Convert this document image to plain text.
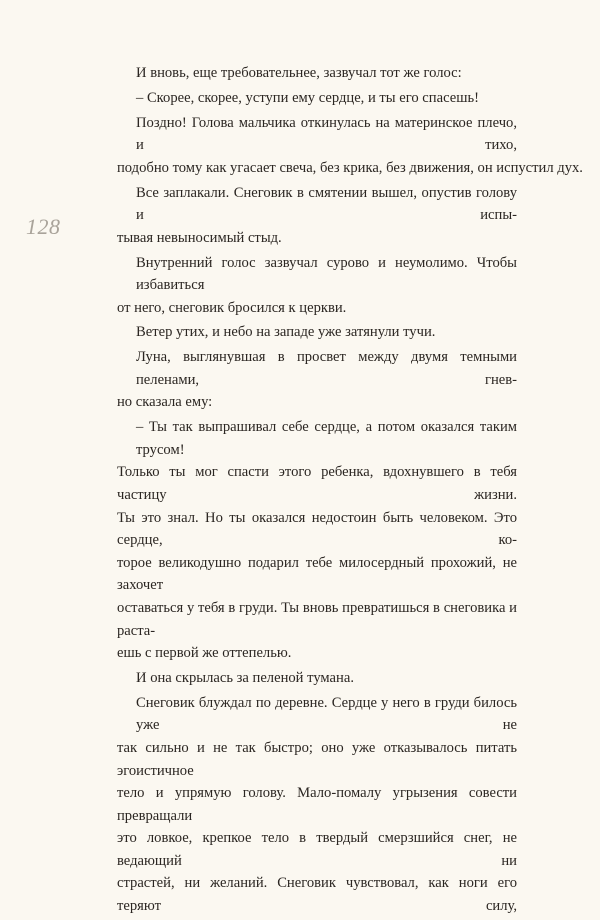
128

И вновь, еще требовательнее, зазвучал тот же голос:

– Скорее, скорее, уступи ему сердце, и ты его спасешь!

Поздно! Голова мальчика откинулась на материнское плечо, и тихо,
подобно тому как угасает свеча, без крика, без движения, он испустил дух.

Все заплакали. Снеговик в смятении вышел, опустив голову и испы-
тывая невыносимый стыд.

Внутренний голос зазвучал сурово и неумолимо. Чтобы избавиться
от него, снеговик бросился к церкви.

Ветер утих, и небо на западе уже затянули тучи.

Луна, выглянувшая в просвет между двумя темными пеленами, гнев-
но сказала ему:

– Ты так выпрашивал себе сердце, а потом оказался таким трусом!
Только ты мог спасти этого ребенка, вдохнувшего в тебя частицу жизни.
Ты это знал. Но ты оказался недостоин быть человеком. Это сердце, ко-
торое великодушно подарил тебе милосердный прохожий, не захочет
оставаться у тебя в груди. Ты вновь превратишься в снеговика и раста-
ешь с первой же оттепелью.

И она скрылась за пеленой тумана.

Снеговик блуждал по деревне. Сердце у него в груди билось уже не
так сильно и не так быстро; оно уже отказывалось питать эгоистичное
тело и упрямую голову. Мало-помалу угрызения совести превращали
это ловкое, крепкое тело в твердый смерзшийся снег, не ведающий ни
страстей, ни желаний. Снеговик чувствовал, как ноги его теряют силу,
